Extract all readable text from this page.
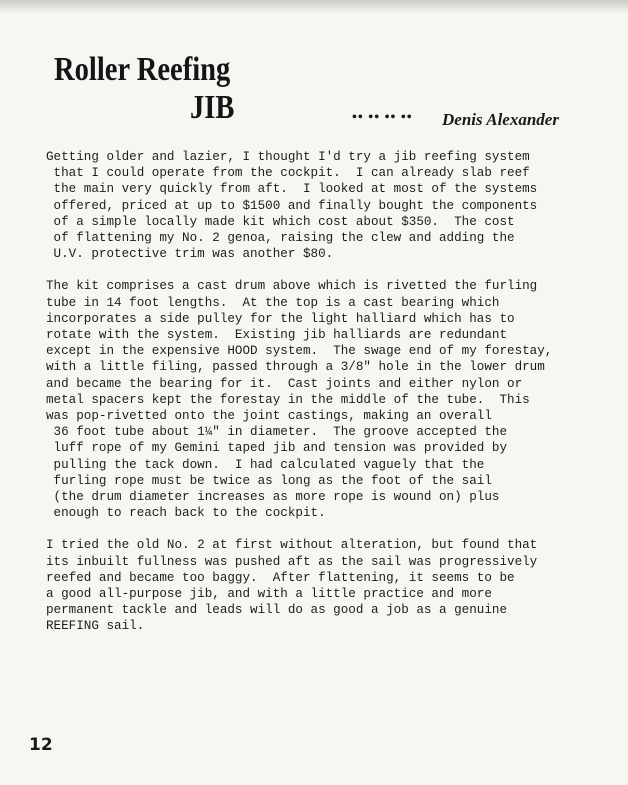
Roller Reefing
JIB	•• •• •• •• Denis Alexander

Getting older and lazier, I thought I'd try a jib reefing system
that I could operate from the cockpit.  I can already slab reef
the main very quickly from aft.  I looked at most of the systems
offered, priced at up to $1500 and finally bought the components
of a simple locally made kit which cost about $350.  The cost
of flattening my No. 2 genoa, raising the clew and adding the
U.V. protective trim was another $80.

The kit comprises a cast drum above which is rivetted the furling
tube in 14 foot lengths.  At the top is a cast bearing which
incorporates a side pulley for the light halliard which has to
rotate with the system.  Existing jib halliards are redundant
except in the expensive HOOD system.  The swage end of my forestay,
with a little filing, passed through a 3/8" hole in the lower drum
and became the bearing for it.  Cast joints and either nylon or
metal spacers kept the forestay in the middle of the tube.  This
was pop-rivetted onto the joint castings, making an overall
36 foot tube about 1¼" in diameter.  The groove accepted the
luff rope of my Gemini taped jib and tension was provided by
pulling the tack down.  I had calculated vaguely that the
furling rope must be twice as long as the foot of the sail
(the drum diameter increases as more rope is wound on) plus
enough to reach back to the cockpit.

I tried the old No. 2 at first without alteration, but found that
its inbuilt fullness was pushed aft as the sail was progressively
reefed and became too baggy.  After flattening, it seems to be
a good all-purpose jib, and with a little practice and more
permanent tackle and leads will do as good a job as a genuine
REEFING sail.

12
